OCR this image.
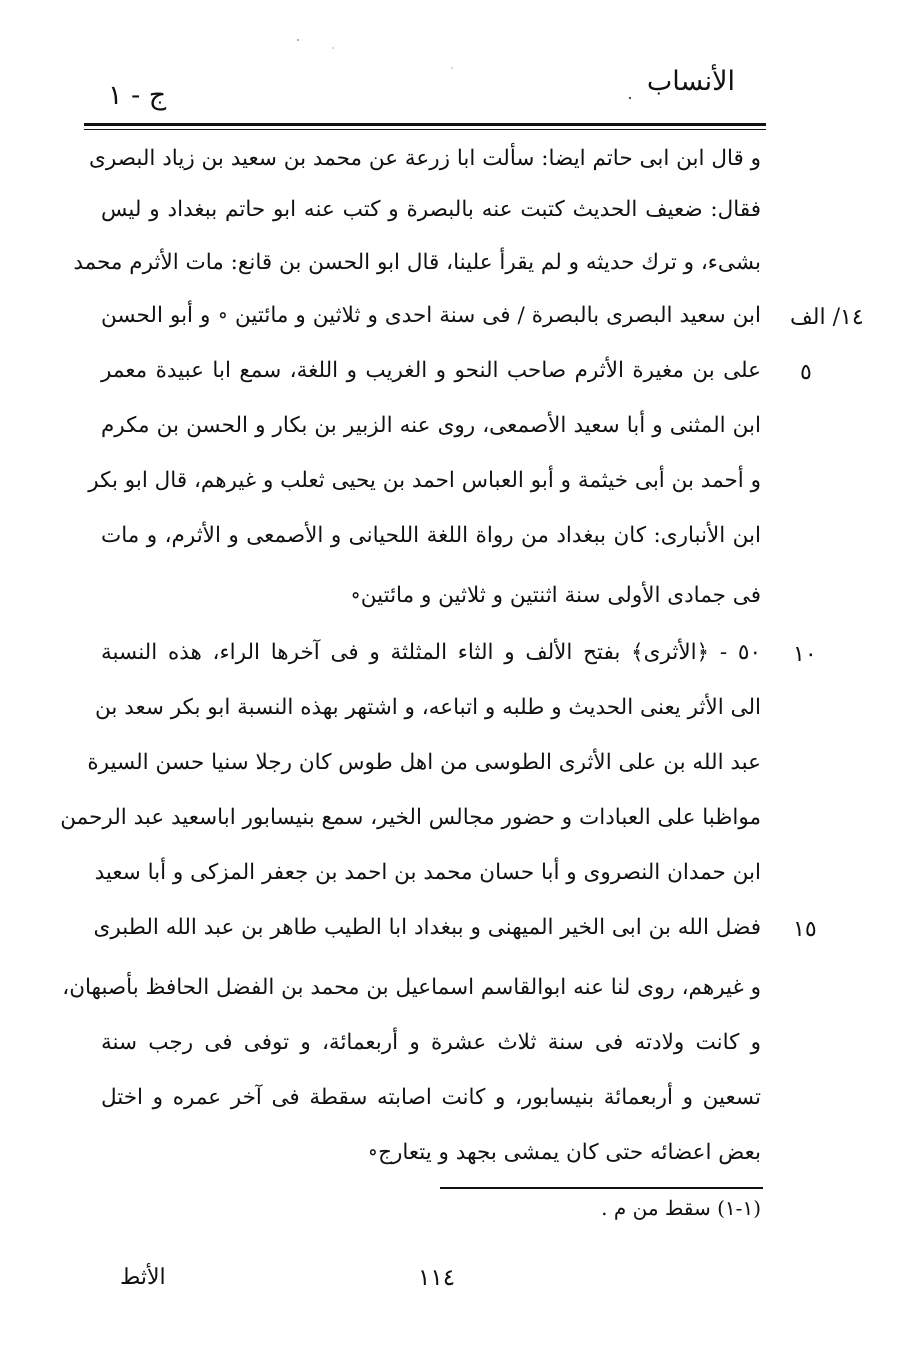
الأنساب
ج - ١
و قال ابن ابى حاتم ايضا: سألت ابا زرعة عن محمد بن سعيد بن زياد البصرى
فقال: ضعيف الحديث كتبت عنه بالبصرة و كتب عنه ابو حاتم ببغداد و ليس
بشىء، و ترك حديثه و لم يقرأ علينا، قال ابو الحسن بن قانع: مات الأثرم محمد
ابن سعيد البصرى بالبصرة / فى سنة احدى و ثلاثين و مائتين ∘ و أبو الحسن
على بن مغيرة الأثرم صاحب النحو و الغريب و اللغة، سمع ابا عبيدة معمر
ابن المثنى و أبا سعيد الأصمعى، روى عنه الزبير بن بكار و الحسن بن مكرم
و أحمد بن أبى خيثمة و أبو العباس احمد بن يحيى ثعلب و غيرهم، قال ابو بكر
ابن الأنبارى: كان ببغداد من رواة اللغة اللحيانى و الأصمعى و الأثرم، و مات
فى جمادى الأولى سنة اثنتين و ثلاثين و مائتين∘
٥٠ - ﴿الأثرى﴾ بفتح الألف و الثاء المثلثة و فى آخرها الراء، هذه النسبة
الى الأثر يعنى الحديث و طلبه و اتباعه، و اشتهر بهذه النسبة ابو بكر سعد بن
عبد الله بن على الأثرى الطوسى من اهل طوس كان رجلا سنيا حسن السيرة
مواظبا على العبادات و حضور مجالس الخير، سمع بنيسابور اباسعيد عبد الرحمن
ابن حمدان النصروى و أبا حسان محمد بن احمد بن جعفر المزكى و أبا سعيد
فضل الله بن ابى الخير الميهنى و ببغداد ابا الطيب طاهر بن عبد الله الطبرى
و غيرهم، روى لنا عنه ابوالقاسم اسماعيل بن محمد بن الفضل الحافظ بأصبهان،
و كانت ولادته فى سنة ثلاث عشرة و أربعمائة، و توفى فى رجب سنة
تسعين و أربعمائة بنيسابور، و كانت اصابته سقطة فى آخر عمره و اختل
بعض اعضائه حتى كان يمشى بجهد و يتعارج∘
١٤/ الف
٥
١٠
١٥
(١-١) سقط من م .
١١٤
الأثط
